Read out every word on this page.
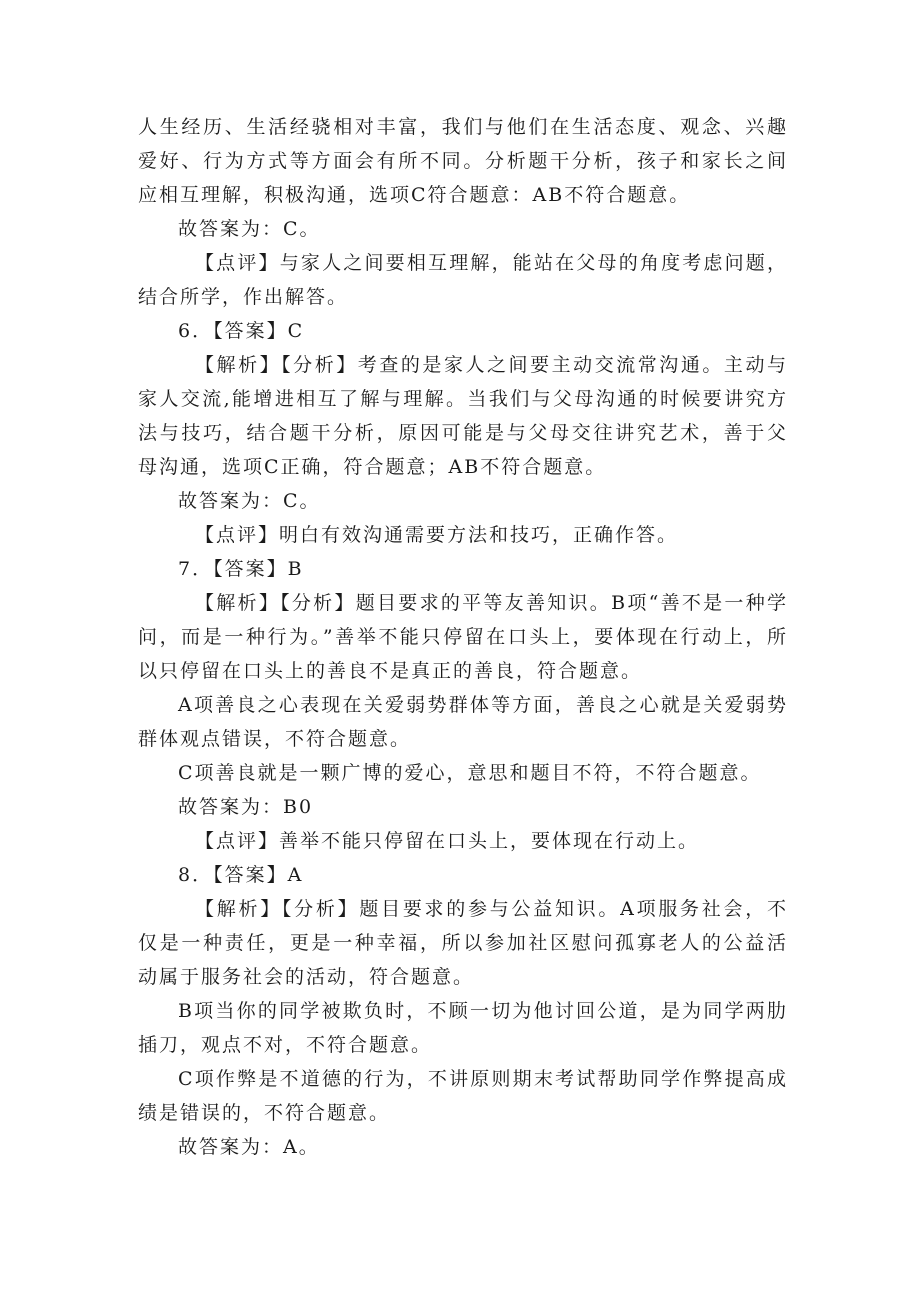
人生经历、生活经骁相对丰富，我们与他们在生活态度、观念、兴趣爱好、行为方式等方面会有所不同。分析题干分析，孩子和家长之间应相互理解，积极沟通，选项C符合题意：AB不符合题意。

故答案为：C。

【点评】与家人之间要相互理解，能站在父母的角度考虑问题，结合所学，作出解答。

6．【答案】C

【解析】【分析】考查的是家人之间要主动交流常沟通。主动与家人交流,能增进相互了解与理解。当我们与父母沟通的时候要讲究方法与技巧，结合题干分析，原因可能是与父母交往讲究艺术，善于父母沟通，选项C正确，符合题意；AB不符合题意。

故答案为：C。

【点评】明白有效沟通需要方法和技巧，正确作答。

7．【答案】B

【解析】【分析】题目要求的平等友善知识。B项“善不是一种学问，而是一种行为。”善举不能只停留在口头上，要体现在行动上，所以只停留在口头上的善良不是真正的善良，符合题意。

A项善良之心表现在关爱弱势群体等方面，善良之心就是关爱弱势群体观点错误，不符合题意。

C项善良就是一颗广博的爱心，意思和题目不符，不符合题意。

故答案为：B0

【点评】善举不能只停留在口头上，要体现在行动上。

8．【答案】A

【解析】【分析】题目要求的参与公益知识。A项服务社会，不仅是一种责任，更是一种幸福，所以参加社区慰问孤寡老人的公益活动属于服务社会的活动，符合题意。

B项当你的同学被欺负时，不顾一切为他讨回公道，是为同学两肋插刀，观点不对，不符合题意。

C项作弊是不道德的行为，不讲原则期末考试帮助同学作弊提高成绩是错误的，不符合题意。

故答案为：A。
